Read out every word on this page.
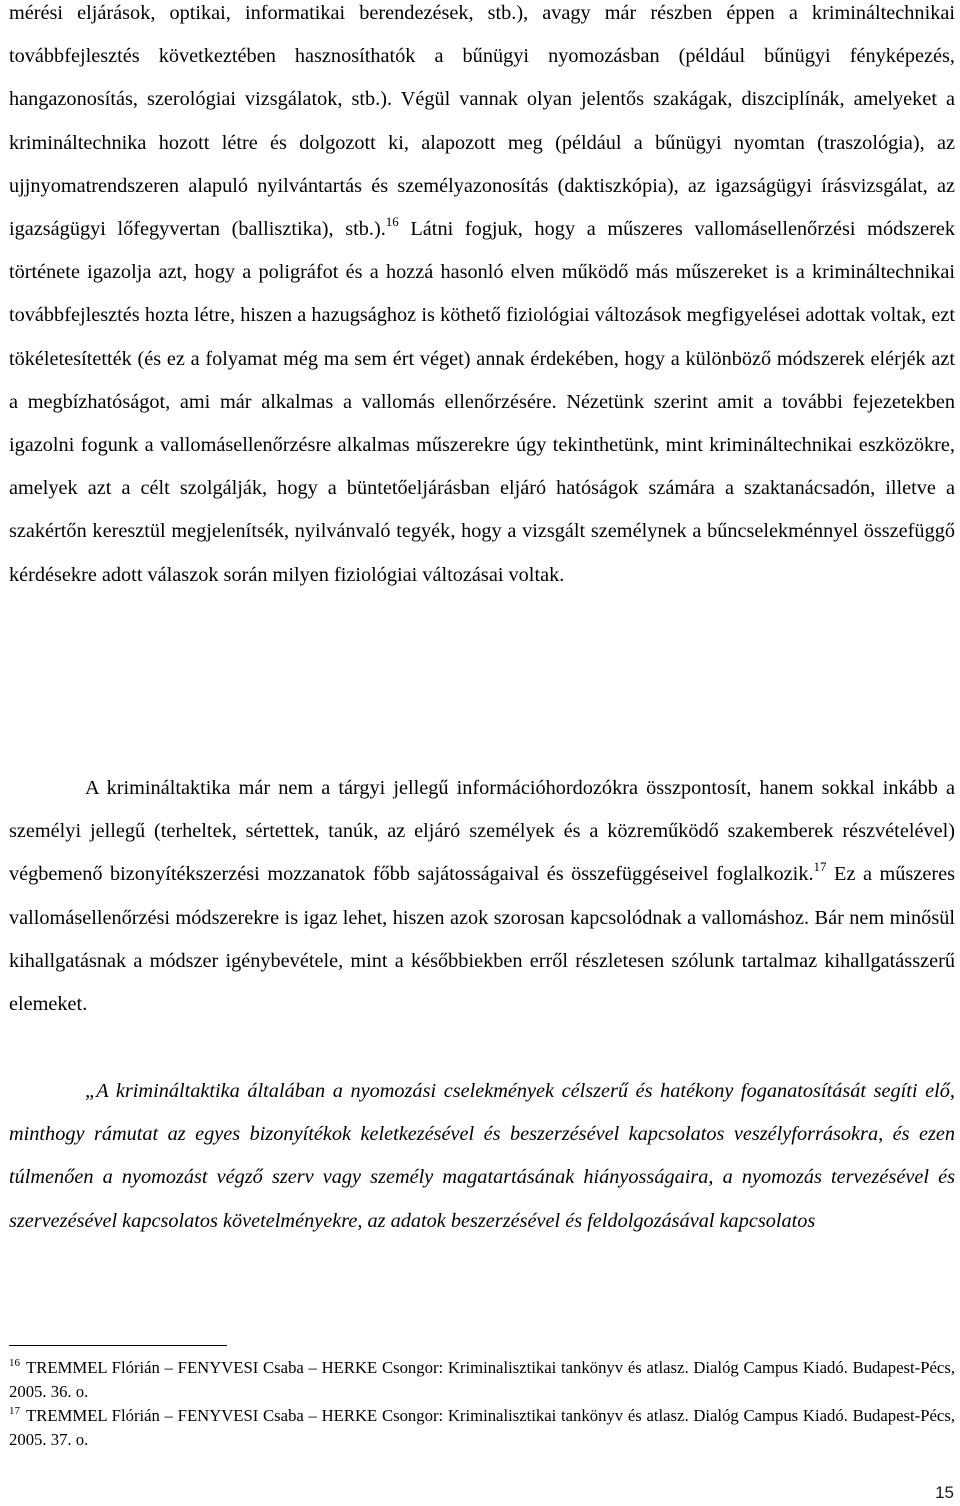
mérési eljárások, optikai, informatikai berendezések, stb.), avagy már részben éppen a krimináltechnikai továbbfejlesztés következtében hasznosíthatók a bűnügyi nyomozásban (például bűnügyi fényképezés, hangazonosítás, szerológiai vizsgálatok, stb.). Végül vannak olyan jelentős szakágak, diszciplínák, amelyeket a krimináltechnika hozott létre és dolgozott ki, alapozott meg (például a bűnügyi nyomtan (traszológia), az ujjnyomatrendszeren alapuló nyilvántartás és személyazonosítás (daktiszkópia), az igazságügyi írásvizsgálat, az igazságügyi lőfegyvertan (ballisztika), stb.).$^{16}$ Látni fogjuk, hogy a műszeres vallomásellenőrzési módszerek története igazolja azt, hogy a poligráfot és a hozzá hasonló elven működő más műszereket is a krimináltechnikai továbbfejlesztés hozta létre, hiszen a hazugsághoz is köthető fiziológiai változások megfigyelései adottak voltak, ezt tökéletesítették (és ez a folyamat még ma sem ért véget) annak érdekében, hogy a különböző módszerek elérjék azt a megbízhatóságot, ami már alkalmas a vallomás ellenőrzésére. Nézetünk szerint amit a további fejezetekben igazolni fogunk a vallomásellenőrzésre alkalmas műszerekre úgy tekinthetünk, mint krimináltechnikai eszközökre, amelyek azt a célt szolgálják, hogy a büntetőeljárásban eljáró hatóságok számára a szaktanácsadón, illetve a szakértőn keresztül megjelenítsék, nyilvánvaló tegyék, hogy a vizsgált személynek a bűncselekménnyel összefüggő kérdésekre adott válaszok során milyen fiziológiai változásai voltak.

A krimináltaktika már nem a tárgyi jellegű információhordozókra összpontosít, hanem sokkal inkább a személyi jellegű (terheltek, sértettek, tanúk, az eljáró személyek és a közreműködő szakemberek részvételével) végbemenő bizonyítékszerzési mozzanatok főbb sajátosságaival és összefüggéseivel foglalkozik.$^{17}$ Ez a műszeres vallomásellenőrzési módszerekre is igaz lehet, hiszen azok szorosan kapcsolódnak a vallomáshoz. Bár nem minősül kihallgatásnak a módszer igénybevétele, mint a későbbiekben erről részletesen szólunk tartalmaz kihallgatásszerű elemeket.

„A krimináltaktika általában a nyomozási cselekmények célszerű és hatékony foganatosítását segíti elő, minthogy rámutat az egyes bizonyítékok keletkezésével és beszerzésével kapcsolatos veszélyforrásokra, és ezen túlmenően a nyomozást végző szerv vagy személy magatartásának hiányosságaira, a nyomozás tervezésével és szervezésével kapcsolatos követelményekre, az adatok beszerzésével és feldolgozásával kapcsolatos

$^{16}$ TREMMEL Flórián – FENYVESI Csaba – HERKE Csongor: Kriminalisztikai tankönyv és atlasz. Dialóg Campus Kiadó. Budapest-Pécs, 2005. 36. o.

$^{17}$ TREMMEL Flórián – FENYVESI Csaba – HERKE Csongor: Kriminalisztikai tankönyv és atlasz. Dialóg Campus Kiadó. Budapest-Pécs, 2005. 37. o.

15
